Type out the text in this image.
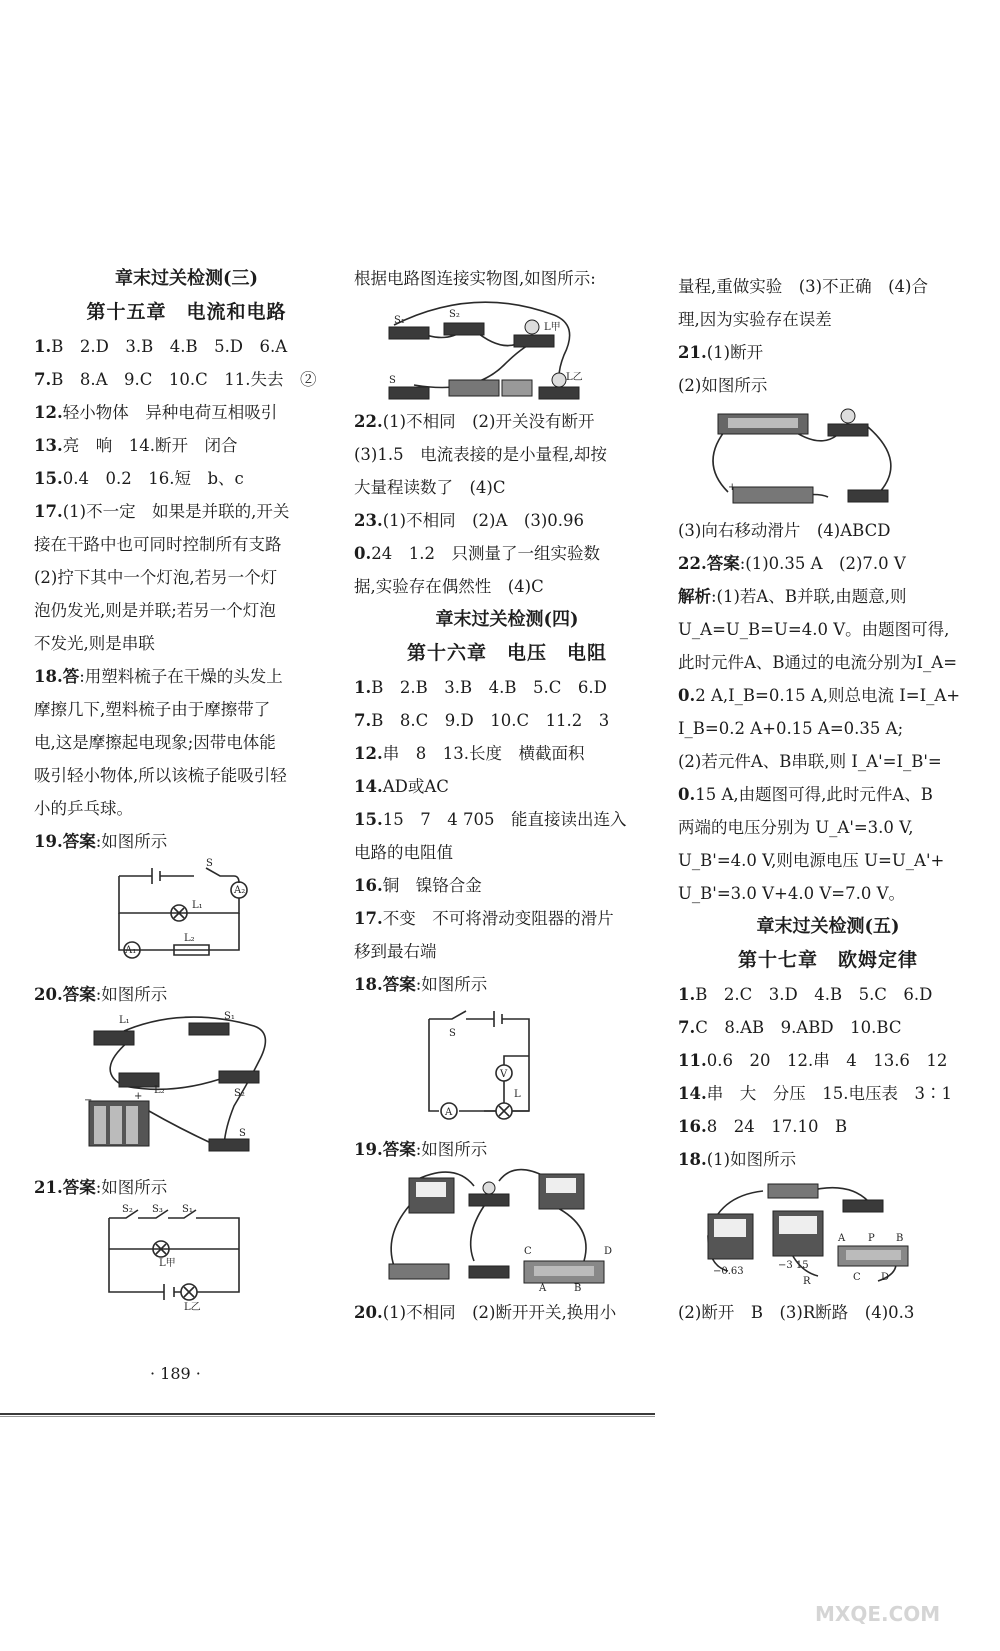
章末过关检测(三)
第十五章　电流和电路
1.B　2.D　3.B　4.B　5.D　6.A
7.B　8.A　9.C　10.C　11.失去　②
12.轻小物体　异种电荷互相吸引
13.亮　响　14.断开　闭合
15.0.4　0.2　16.短　b、c
17.(1)不一定　如果是并联的,开关
接在干路中也可同时控制所有支路
(2)拧下其中一个灯泡,若另一个灯
泡仍发光,则是并联;若另一个灯泡
不发光,则是串联
18.答:用塑料梳子在干燥的头发上
摩擦几下,塑料梳子由于摩擦带了
电,这是摩擦起电现象;因带电体能
吸引轻小物体,所以该梳子能吸引轻
小的乒乓球。
19.答案:如图所示
S
A₂
L₁
A₁
L₂
20.答案:如图所示
L₁	S₁
L₂	S₂
S
−	+
21.答案:如图所示
S₂ S₃ S₁
L甲
L乙
根据电路图连接实物图,如图所示:
S₁
S₂
L甲
S	L乙
22.(1)不相同　(2)开关没有断开
(3)1.5　电流表接的是小量程,却按
大量程读数了　(4)C
23.(1)不相同　(2)A　(3)0.96
0.24　1.2　只测量了一组实验数
据,实验存在偶然性　(4)C
章末过关检测(四)
第十六章　电压　电阻
1.B　2.B　3.B　4.B　5.C　6.D
7.B　8.C　9.D　10.C　11.2　3
12.串　8　13.长度　横截面积
14.AD或AC
15.15　7　4 705　能直接读出连入
电路的电阻值
16.铜　镍铬合金
17.不变　不可将滑动变阻器的滑片
移到最右端
18.答案:如图所示
S
V
L
A
19.答案:如图所示
C	D
A	B
20.(1)不相同　(2)断开开关,换用小
量程,重做实验　(3)不正确　(4)合
理,因为实验存在误差
21.(1)断开
(2)如图所示
+
(3)向右移动滑片　(4)ABCD
22.答案:(1)0.35 A　(2)7.0 V
解析:(1)若A、B并联,由题意,则
U_A=U_B=U=4.0 V。由题图可得,
此时元件A、B通过的电流分别为I_A=
0.2 A,I_B=0.15 A,则总电流 I=I_A+
I_B=0.2 A+0.15 A=0.35 A;
(2)若元件A、B串联,则 I_A'=I_B'=
0.15 A,由题图可得,此时元件A、B
两端的电压分别为 U_A'=3.0 V,
U_B'=4.0 V,则电源电压 U=U_A'+
U_B'=3.0 V+4.0 V=7.0 V。
章末过关检测(五)
第十七章　欧姆定律
1.B　2.C　3.D　4.B　5.C　6.D
7.C　8.AB　9.ABD　10.BC
11.0.6　20　12.串　4　13.6　12
14.串　大　分压　15.电压表　3∶1
16.8　24　17.10　B
18.(1)如图所示
−0.63
−3 15
A P B
C D
R
(2)断开　B　(3)R断路　(4)0.3
· 189 ·
MXQE.COM
